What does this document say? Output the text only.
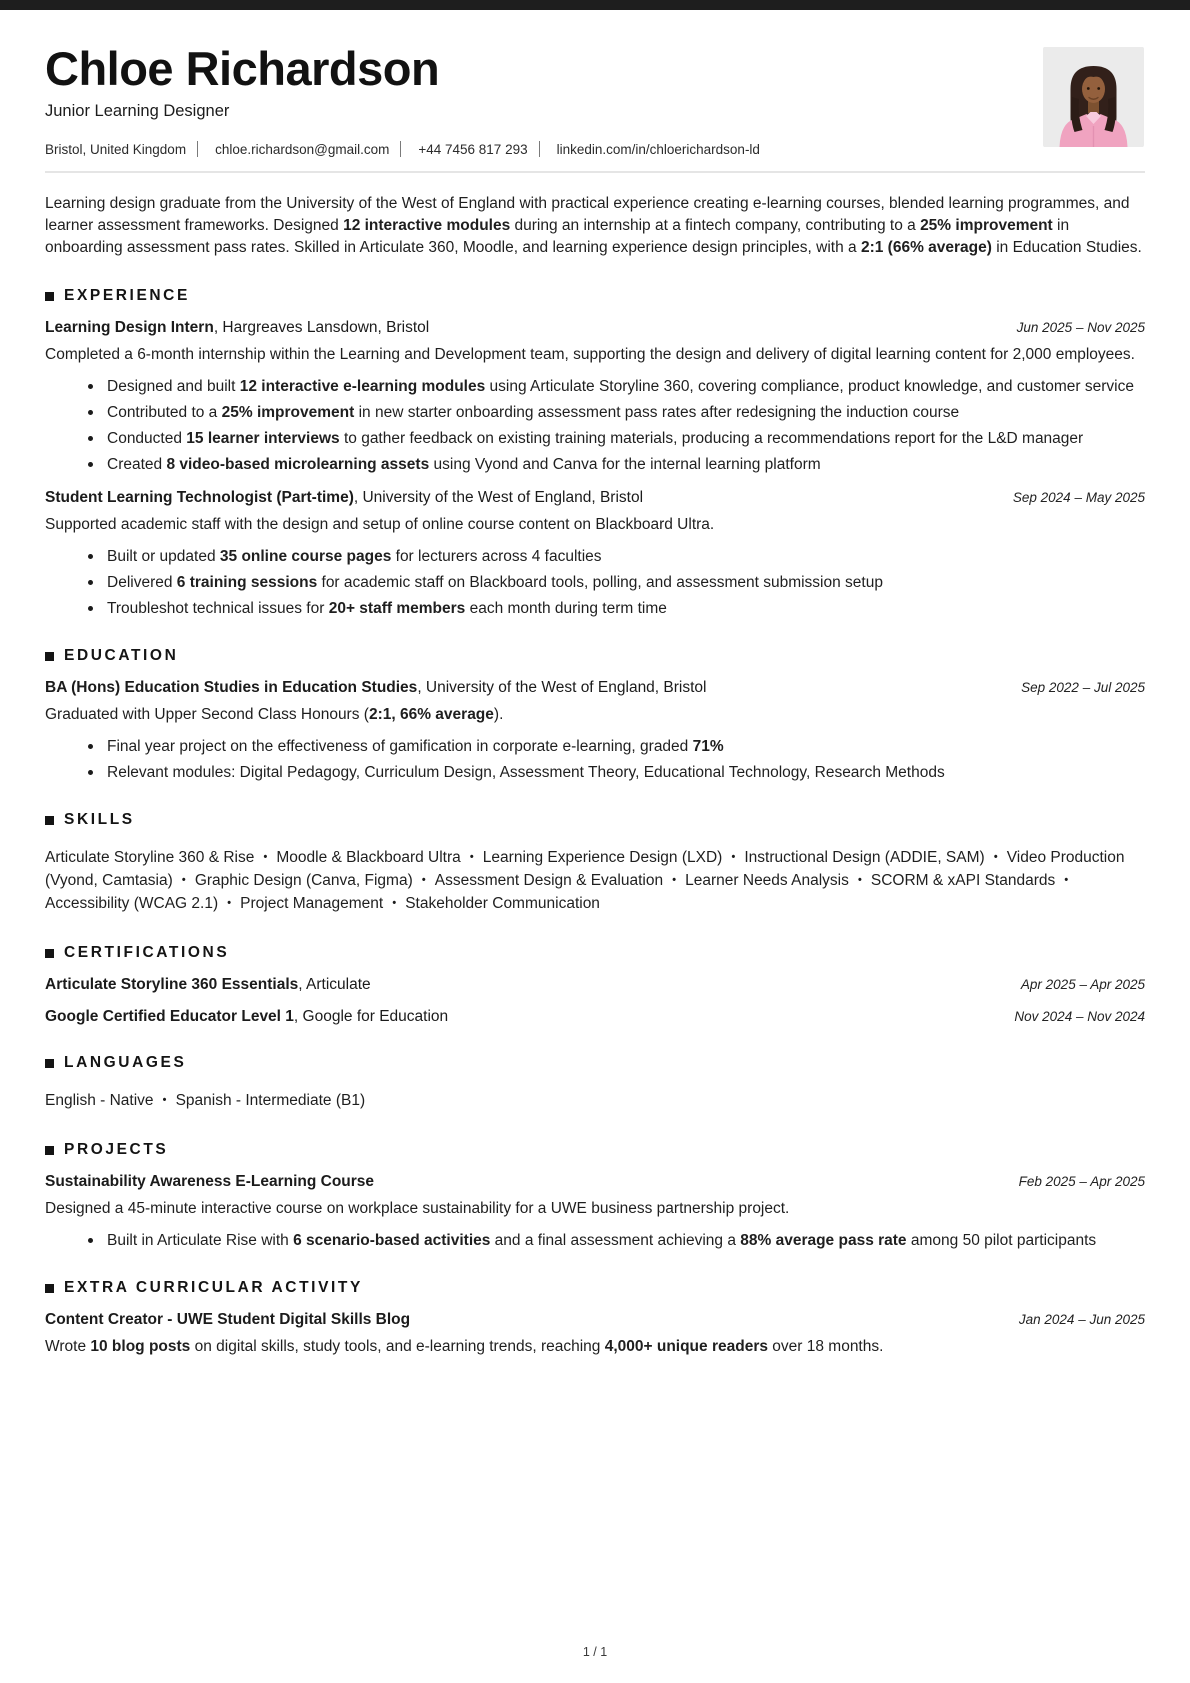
Chloe Richardson
Junior Learning Designer
Bristol, United Kingdom chloe.richardson@gmail.com +44 7456 817 293 linkedin.com/in/chloerichardson-ld

Learning design graduate from the University of the West of England with practical experience creating e-learning courses, blended learning programmes, and learner assessment frameworks. Designed 12 interactive modules during an internship at a fintech company, contributing to a 25% improvement in onboarding assessment pass rates. Skilled in Articulate 360, Moodle, and learning experience design principles, with a 2:1 (66% average) in Education Studies.

EXPERIENCE
Learning Design Intern, Hargreaves Lansdown, Bristol	Jun 2025 – Nov 2025

Completed a 6-month internship within the Learning and Development team, supporting the design and delivery of digital learning content for 2,000 employees.

Designed and built 12 interactive e-learning modules using Articulate Storyline 360, covering compliance, product knowledge, and customer service
Contributed to a 25% improvement in new starter onboarding assessment pass rates after redesigning the induction course
Conducted 15 learner interviews to gather feedback on existing training materials, producing a recommendations report for the L&D manager
Created 8 video-based microlearning assets using Vyond and Canva for the internal learning platform
Student Learning Technologist (Part-time), University of the West of England, Bristol	Sep 2024 – May 2025

Supported academic staff with the design and setup of online course content on Blackboard Ultra.

Built or updated 35 online course pages for lecturers across 4 faculties
Delivered 6 training sessions for academic staff on Blackboard tools, polling, and assessment submission setup
Troubleshot technical issues for 20+ staff members each month during term time
EDUCATION
BA (Hons) Education Studies in Education Studies, University of the West of England, Bristol	Sep 2022 – Jul 2025

Graduated with Upper Second Class Honours (2:1, 66% average).

Final year project on the effectiveness of gamification in corporate e-learning, graded 71%
Relevant modules: Digital Pedagogy, Curriculum Design, Assessment Theory, Educational Technology, Research Methods
SKILLS

Articulate Storyline 360 & Rise • Moodle & Blackboard Ultra • Learning Experience Design (LXD) • Instructional Design (ADDIE, SAM) • Video Production (Vyond, Camtasia) • Graphic Design (Canva, Figma) • Assessment Design & Evaluation • Learner Needs Analysis • SCORM & xAPI Standards •Accessibility (WCAG 2.1) • Project Management • Stakeholder Communication

CERTIFICATIONS
Articulate Storyline 360 Essentials, Articulate	Apr 2025 – Apr 2025
Google Certified Educator Level 1, Google for Education	Nov 2024 – Nov 2024
LANGUAGES

English - Native • Spanish - Intermediate (B1)

PROJECTS
Sustainability Awareness E-Learning Course	Feb 2025 – Apr 2025

Designed a 45-minute interactive course on workplace sustainability for a UWE business partnership project.

Built in Articulate Rise with 6 scenario-based activities and a final assessment achieving a 88% average pass rate among 50 pilot participants
EXTRA CURRICULAR ACTIVITY
Content Creator - UWE Student Digital Skills Blog	Jan 2024 – Jun 2025

Wrote 10 blog posts on digital skills, study tools, and e-learning trends, reaching 4,000+ unique readers over 18 months.

1 / 1
